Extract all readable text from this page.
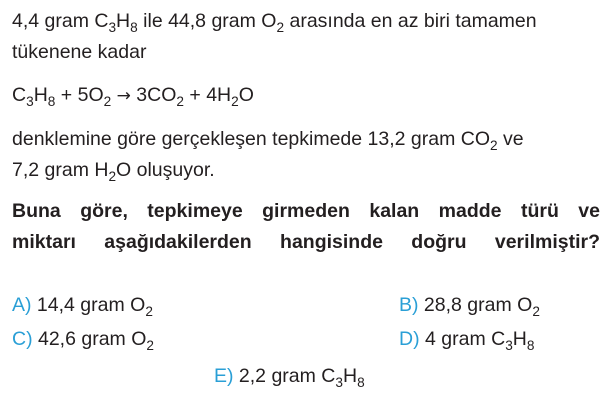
4,4 gram $C_3H_8$ ile 44,8 gram $O_2$ arasında en az biri tamamen
tükenene kadar
$C_3H_8 + 5O_2 \to 3CO_2 + 4H_2O$
denklemine göre gerçekleşen tepkimede 13,2 gram $CO_2$ ve
7,2 gram $H_2O$ oluşuyor.
Buna göre, tepkimeye girmeden kalan madde türü ve
miktarı aşağıdakilerden hangisinde doğru verilmiştir?
A) 14,4 gram $O_2$	B) 28,8 gram $O_2$
C) 42,6 gram $O_2$	D) 4 gram $C_3H_8$
E) 2,2 gram $C_3H_8$
